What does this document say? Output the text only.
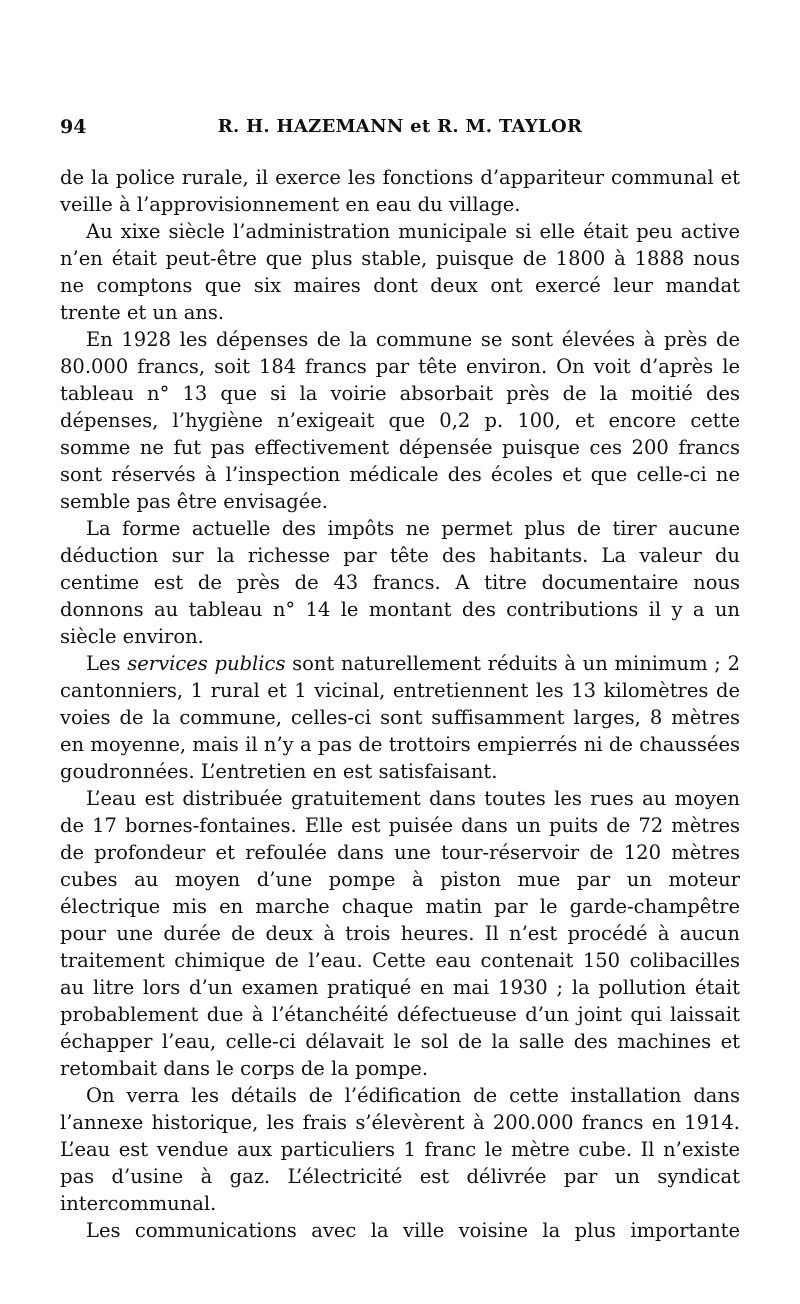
94	R. H. HAZEMANN et R. M. TAYLOR

de la police rurale, il exerce les fonctions d’appariteur communal et veille à l’approvisionnement en eau du village.

Au xixe siècle l’administration municipale si elle était peu active n’en était peut-être que plus stable, puisque de 1800 à 1888 nous ne comptons que six maires dont deux ont exercé leur mandat trente et un ans.

En 1928 les dépenses de la commune se sont élevées à près de 80.000 francs, soit 184 francs par tête environ. On voit d’après le tableau n° 13 que si la voirie absorbait près de la moitié des dépenses, l’hygiène n’exigeait que 0,2 p. 100, et encore cette somme ne fut pas effectivement dépensée puisque ces 200 francs sont réservés à l’inspection médicale des écoles et que celle-ci ne semble pas être envisagée.

La forme actuelle des impôts ne permet plus de tirer aucune déduction sur la richesse par tête des habitants. La valeur du centime est de près de 43 francs. A titre documentaire nous donnons au tableau n° 14 le montant des contributions il y a un siècle environ.

Les services publics sont naturellement réduits à un minimum ; 2 cantonniers, 1 rural et 1 vicinal, entretiennent les 13 kilomètres de voies de la commune, celles-ci sont suffisamment larges, 8 mètres en moyenne, mais il n’y a pas de trottoirs empierrés ni de chaussées goudronnées. L’entretien en est satisfaisant.

L’eau est distribuée gratuitement dans toutes les rues au moyen de 17 bornes-fontaines. Elle est puisée dans un puits de 72 mètres de profondeur et refoulée dans une tour-réservoir de 120 mètres cubes au moyen d’une pompe à piston mue par un moteur électrique mis en marche chaque matin par le garde-champêtre pour une durée de deux à trois heures. Il n’est procédé à aucun traitement chimique de l’eau. Cette eau contenait 150 colibacilles au litre lors d’un examen pratiqué en mai 1930 ; la pollution était probablement due à l’étanchéité défectueuse d’un joint qui laissait échapper l’eau, celle-ci délavait le sol de la salle des machines et retombait dans le corps de la pompe.

On verra les détails de l’édification de cette installation dans l’annexe historique, les frais s’élevèrent à 200.000 francs en 1914. L’eau est vendue aux particuliers 1 franc le mètre cube. Il n’existe pas d’usine à gaz. L’électricité est délivrée par un syndicat intercommunal.

Les communications avec la ville voisine la plus importante
